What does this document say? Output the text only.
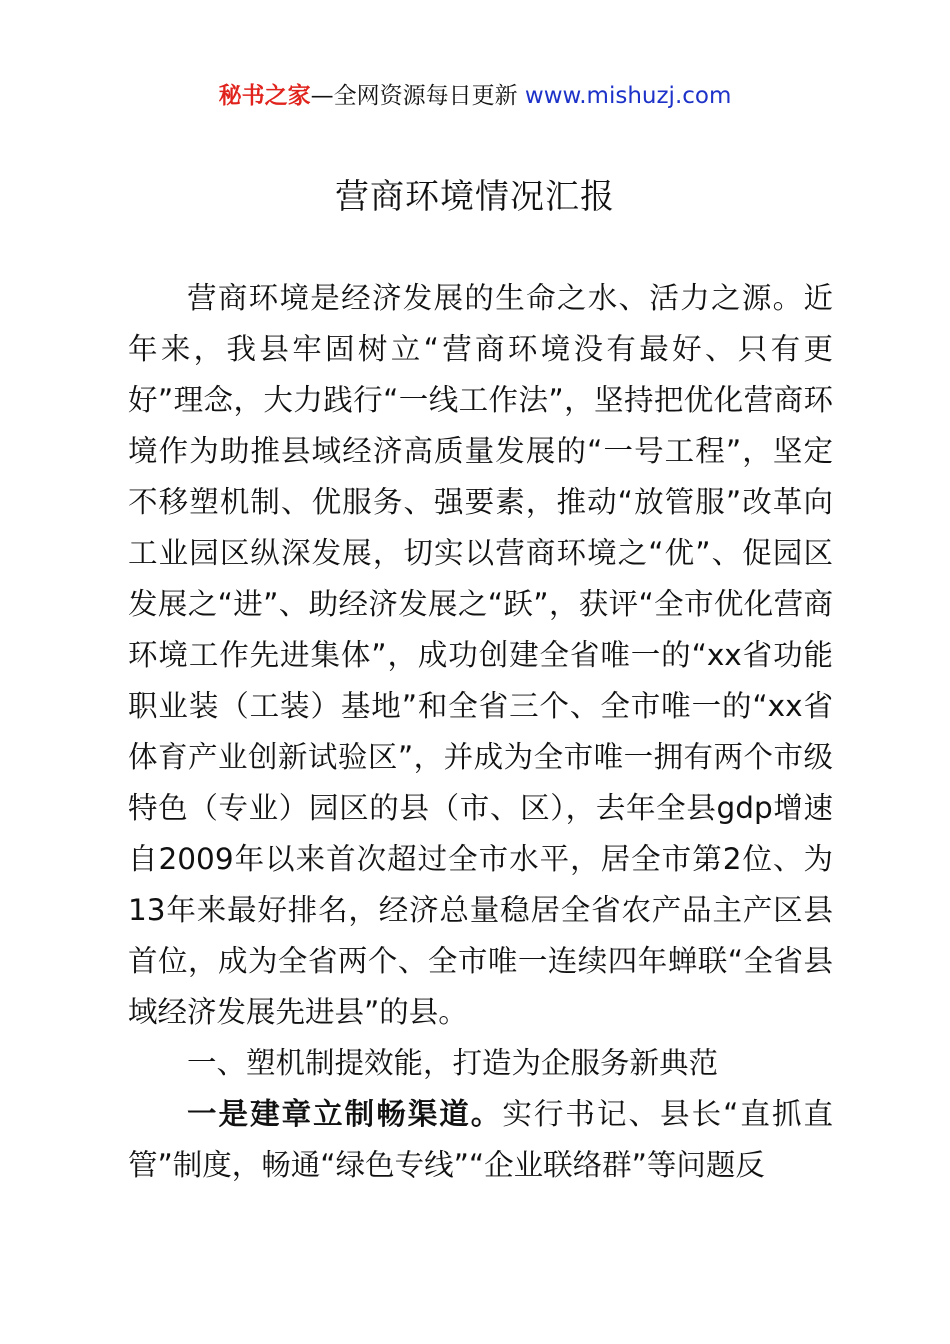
秘书之家—全网资源每日更新 www.mishuzj.com
营商环境情况汇报

营商环境是经济发展的生命之水、活力之源。近年来，我县牢固树立“营商环境没有最好、只有更好”理念，大力践行“一线工作法”，坚持把优化营商环境作为助推县域经济高质量发展的“一号工程”，坚定不移塑机制、优服务、强要素，推动“放管服”改革向工业园区纵深发展，切实以营商环境之“优”、促园区发展之“进”、助经济发展之“跃”，获评“全市优化营商环境工作先进集体”，成功创建全省唯一的“xx省功能职业装（工装）基地”和全省三个、全市唯一的“xx省体育产业创新试验区”，并成为全市唯一拥有两个市级特色（专业）园区的县（市、区），去年全县gdp增速自2009年以来首次超过全市水平，居全市第2位、为13年来最好排名，经济总量稳居全省农产品主产区县首位，成为全省两个、全市唯一连续四年蝉联“全省县域经济发展先进县”的县。

一、塑机制提效能，打造为企服务新典范

一是建章立制畅渠道。实行书记、县长“直抓直管”制度，畅通“绿色专线”“企业联络群”等问题反
